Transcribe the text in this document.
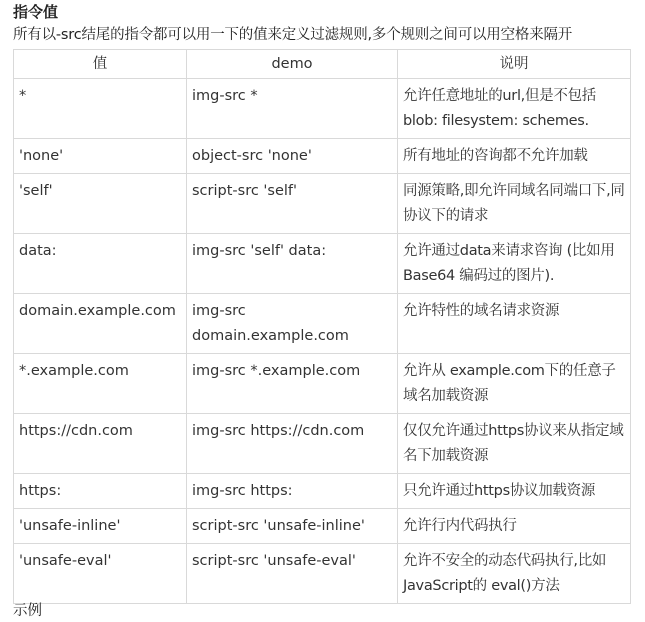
指令值
所有以-src结尾的指令都可以用一下的值来定义过滤规则,多个规则之间可以用空格来隔开
值	demo	说明
*	img-src *	允许任意地址的url,但是不包括 blob: filesystem: schemes.
'none'	object-src 'none'	所有地址的咨询都不允许加载
'self'	script-src 'self'	同源策略,即允许同域名同端口下,同协议下的请求
data:	img-src 'self' data:	允许通过data来请求咨询 (比如用Base64 编码过的图片).
domain.example.com	img-src domain.example.com	允许特性的域名请求资源
*.example.com	img-src *.example.com	允许从 example.com下的任意子域名加载资源
https://cdn.com	img-src https://cdn.com	仅仅允许通过https协议来从指定域名下加载资源
https:	img-src https:	只允许通过https协议加载资源
'unsafe-inline'	script-src 'unsafe-inline'	允许行内代码执行
'unsafe-eval'	script-src 'unsafe-eval'	允许不安全的动态代码执行,比如 JavaScript的 eval()方法
示例
